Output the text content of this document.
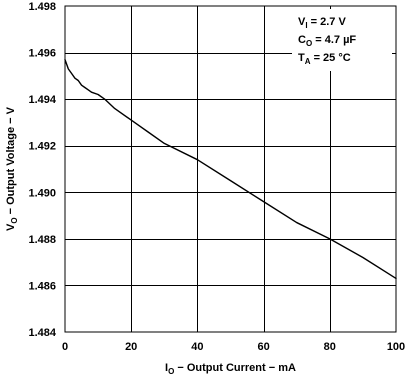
0	20	40	60	80	100
1.484
1.486
1.488
1.490
1.492
1.494
1.496
1.498
$V_I = 2.7$ V
$C_O = 4.7$ µF
$T_A = 25$ °C
$I_O$ − Output Current − mA
$V_O$ − Output Voltage − V
